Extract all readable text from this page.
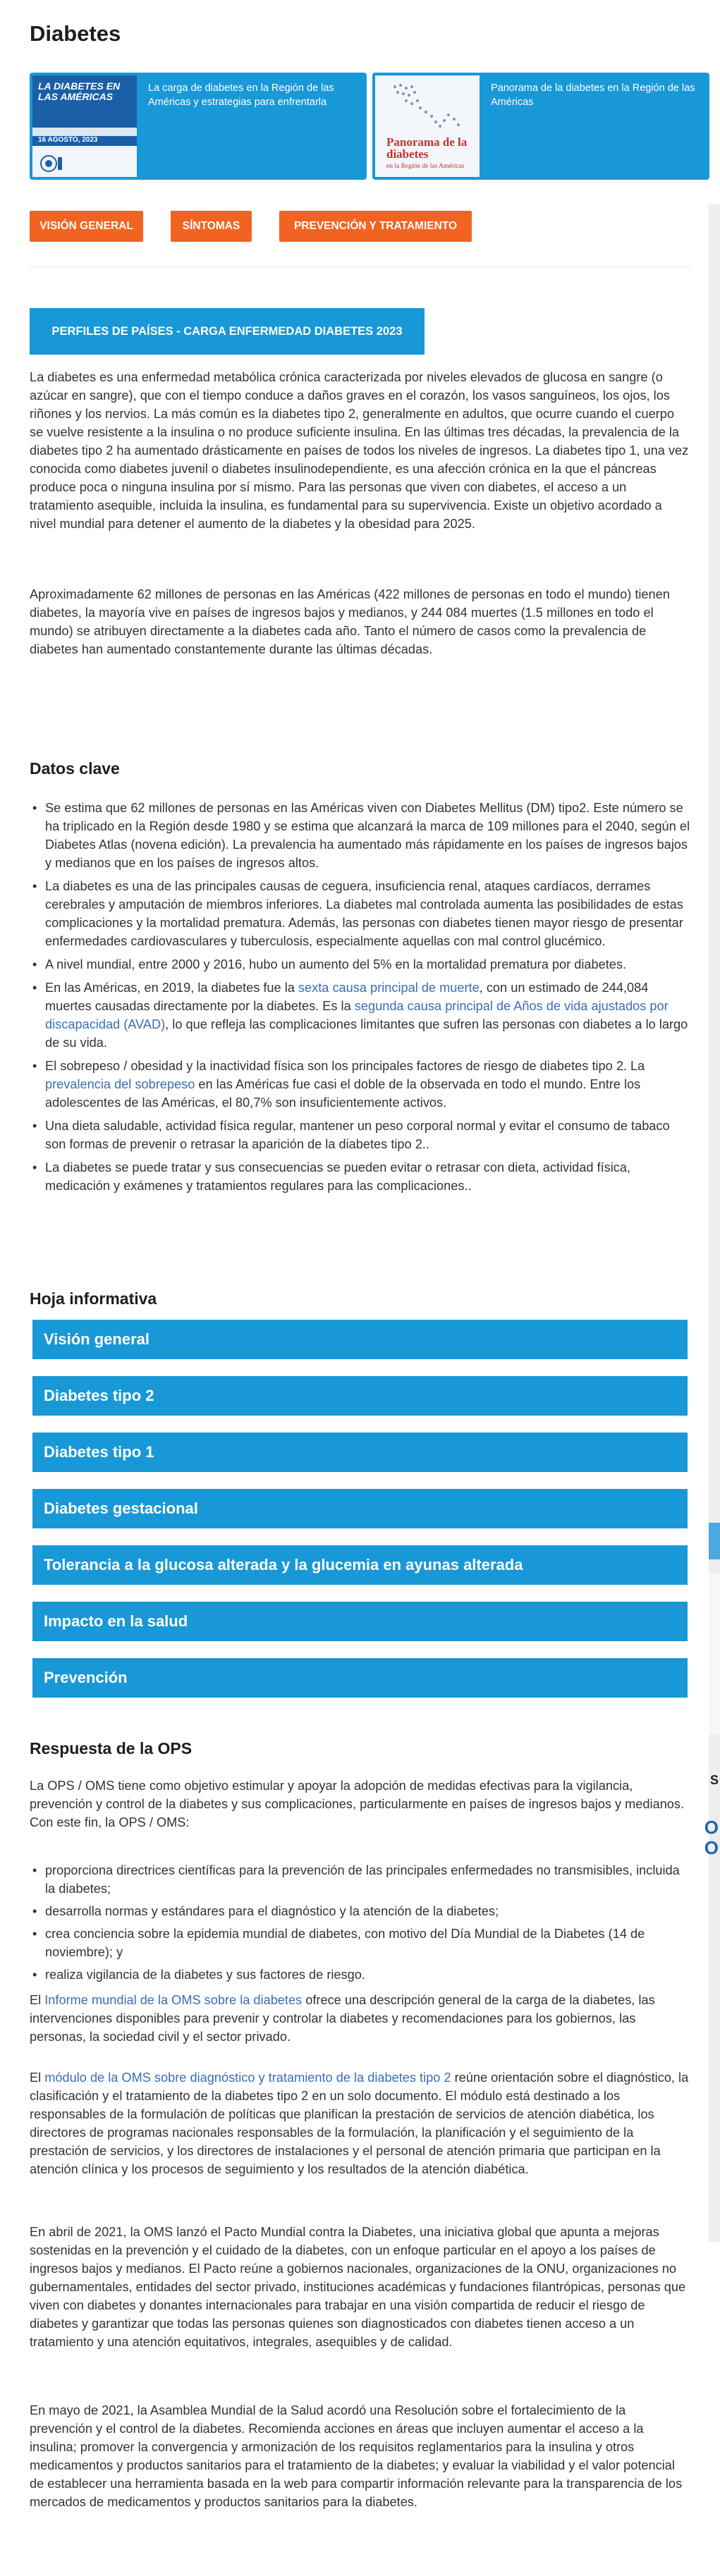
Diabetes
LA DIABETES EN LAS AMÉRICAS
16 AGOSTO, 2023
La carga de diabetes en la Región de las Américas y estrategias para enfrentarla
Panorama de la diabetes
en la Región de las Américas
Panorama de la diabetes en la Región de las Américas
VISIÓN GENERAL	SÍNTOMAS	PREVENCIÓN Y TRATAMIENTO
S
O
O
PERFILES DE PAÍSES - CARGA ENFERMEDAD DIABETES 2023

La diabetes es una enfermedad metabólica crónica caracterizada por niveles elevados de glucosa en sangre (o azúcar en sangre), que con el tiempo conduce a daños graves en el corazón, los vasos sanguíneos, los ojos, los riñones y los nervios. La más común es la diabetes tipo 2, generalmente en adultos, que ocurre cuando el cuerpo se vuelve resistente a la insulina o no produce suficiente insulina. En las últimas tres décadas, la prevalencia de la diabetes tipo 2 ha aumentado drásticamente en países de todos los niveles de ingresos. La diabetes tipo 1, una vez conocida como diabetes juvenil o diabetes insulinodependiente, es una afección crónica en la que el páncreas produce poca o ninguna insulina por sí mismo. Para las personas que viven con diabetes, el acceso a un tratamiento asequible, incluida la insulina, es fundamental para su supervivencia. Existe un objetivo acordado a nivel mundial para detener el aumento de la diabetes y la obesidad para 2025.

Aproximadamente 62 millones de personas en las Américas (422 millones de personas en todo el mundo) tienen diabetes, la mayoría vive en países de ingresos bajos y medianos, y 244 084 muertes (1.5 millones en todo el mundo) se atribuyen directamente a la diabetes cada año. Tanto el número de casos como la prevalencia de diabetes han aumentado constantemente durante las últimas décadas.

Datos clave
• Se estima que 62 millones de personas en las Américas viven con Diabetes Mellitus (DM) tipo2. Este número se ha triplicado en la Región desde 1980 y se estima que alcanzará la marca de 109 millones para el 2040, según el Diabetes Atlas (novena edición). La prevalencia ha aumentado más rápidamente en los países de ingresos bajos y medianos que en los países de ingresos altos.
• La diabetes es una de las principales causas de ceguera, insuficiencia renal, ataques cardíacos, derrames cerebrales y amputación de miembros inferiores. La diabetes mal controlada aumenta las posibilidades de estas complicaciones y la mortalidad prematura. Además, las personas con diabetes tienen mayor riesgo de presentar enfermedades cardiovasculares y tuberculosis, especialmente aquellas con mal control glucémico.
• A nivel mundial, entre 2000 y 2016, hubo un aumento del 5% en la mortalidad prematura por diabetes.
• En las Américas, en 2019, la diabetes fue la sexta causa principal de muerte, con un estimado de 244,084 muertes causadas directamente por la diabetes. Es la segunda causa principal de Años de vida ajustados por discapacidad (AVAD), lo que refleja las complicaciones limitantes que sufren las personas con diabetes a lo largo de su vida.
• El sobrepeso / obesidad y la inactividad física son los principales factores de riesgo de diabetes tipo 2. La prevalencia del sobrepeso en las Américas fue casi el doble de la observada en todo el mundo. Entre los adolescentes de las Américas, el 80,7% son insuficientemente activos.
• Una dieta saludable, actividad física regular, mantener un peso corporal normal y evitar el consumo de tabaco son formas de prevenir o retrasar la aparición de la diabetes tipo 2..
• La diabetes se puede tratar y sus consecuencias se pueden evitar o retrasar con dieta, actividad física, medicación y exámenes y tratamientos regulares para las complicaciones..
Hoja informativa
Visión general
Diabetes tipo 2
Diabetes tipo 1
Diabetes gestacional
Tolerancia a la glucosa alterada y la glucemia en ayunas alterada
Impacto en la salud
Prevención
Respuesta de la OPS

La OPS / OMS tiene como objetivo estimular y apoyar la adopción de medidas efectivas para la vigilancia, prevención y control de la diabetes y sus complicaciones, particularmente en países de ingresos bajos y medianos. Con este fin, la OPS / OMS:

• proporciona directrices científicas para la prevención de las principales enfermedades no transmisibles, incluida la diabetes;
• desarrolla normas y estándares para el diagnóstico y la atención de la diabetes;
• crea conciencia sobre la epidemia mundial de diabetes, con motivo del Día Mundial de la Diabetes (14 de noviembre); y
• realiza vigilancia de la diabetes y sus factores de riesgo.

El Informe mundial de la OMS sobre la diabetes ofrece una descripción general de la carga de la diabetes, las intervenciones disponibles para prevenir y controlar la diabetes y recomendaciones para los gobiernos, las personas, la sociedad civil y el sector privado.

El módulo de la OMS sobre diagnóstico y tratamiento de la diabetes tipo 2 reúne orientación sobre el diagnóstico, la clasificación y el tratamiento de la diabetes tipo 2 en un solo documento. El módulo está destinado a los responsables de la formulación de políticas que planifican la prestación de servicios de atención diabética, los directores de programas nacionales responsables de la formulación, la planificación y el seguimiento de la prestación de servicios, y los directores de instalaciones y el personal de atención primaria que participan en la atención clínica y los procesos de seguimiento y los resultados de la atención diabética.

En abril de 2021, la OMS lanzó el Pacto Mundial contra la Diabetes, una iniciativa global que apunta a mejoras sostenidas en la prevención y el cuidado de la diabetes, con un enfoque particular en el apoyo a los países de ingresos bajos y medianos. El Pacto reúne a gobiernos nacionales, organizaciones de la ONU, organizaciones no gubernamentales, entidades del sector privado, instituciones académicas y fundaciones filantrópicas, personas que viven con diabetes y donantes internacionales para trabajar en una visión compartida de reducir el riesgo de diabetes y garantizar que todas las personas quienes son diagnosticados con diabetes tienen acceso a un tratamiento y una atención equitativos, integrales, asequibles y de calidad.

En mayo de 2021, la Asamblea Mundial de la Salud acordó una Resolución sobre el fortalecimiento de la prevención y el control de la diabetes. Recomienda acciones en áreas que incluyen aumentar el acceso a la insulina; promover la convergencia y armonización de los requisitos reglamentarios para la insulina y otros medicamentos y productos sanitarios para el tratamiento de la diabetes; y evaluar la viabilidad y el valor potencial de establecer una herramienta basada en la web para compartir información relevante para la transparencia de los mercados de medicamentos y productos sanitarios para la diabetes.
